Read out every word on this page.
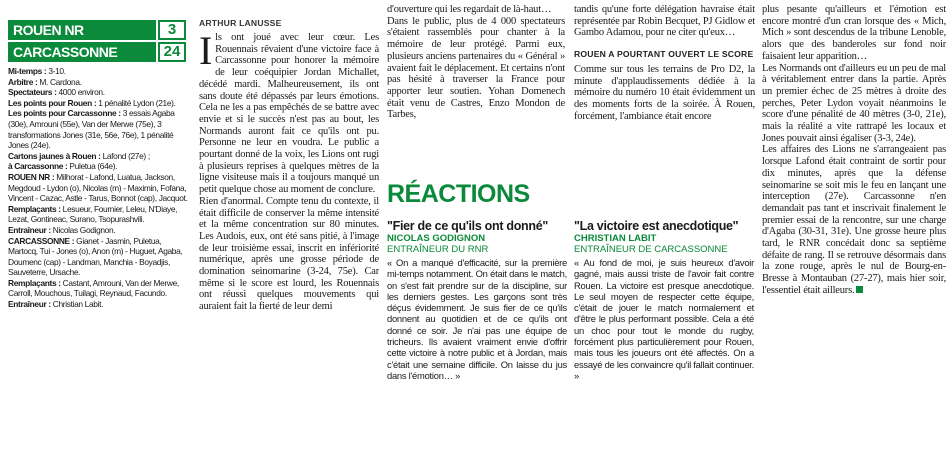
ROUEN NR	3
CARCASSONNE	24

Mi-temps : 3-10.

Arbitre : M. Cardona.

Spectateurs : 4000 environ.

Les points pour Rouen : 1 pénalité Lydon (21e).

Les points pour Carcassonne : 3 essais Agaba (30e), Amrouni (55e), Van der Merwe (75e), 3 transformations Jones (31e, 56e, 76e), 1 pénalité Jones (24e).

Cartons jaunes à Rouen : Lafond (27e) ;

à Carcassonne : Puletua (64e).

ROUEN NR : Milhorat - Lafond, Luatua, Jackson, Megdoud - Lydon (o), Nicolas (m) - Maximin, Fofana, Vincent - Cazac, Astle - Tarus, Bonnot (cap), Jacquot.

Remplaçants : Lesueur, Fournier, Leleu, N'Diaye, Lezat, Gontineac, Surano, Tsopurashvili.

Entraîneur : Nicolas Godignon.

CARCASSONNE : Gianet - Jasmin, Puletua, Martocq, Tui - Jones (o), Anon (m) - Huguet, Agaba, Doumenc (cap) - Landman, Manchia - Boyadjis, Sauveterre, Ursache.

Remplaçants : Castant, Amrouni, Van der Merwe, Carroll, Mouchous, Tuilagi, Reynaud, Facundo.

Entraîneur : Christian Labit.

ARTHUR LANUSSE

Ils ont joué avec leur cœur. Les Rouennais rêvaient d'une victoire face à Carcassonne pour honorer la mémoire de leur coéquipier Jordan Michallet, décédé mardi. Malheureusement, ils ont sans doute été dépassés par leurs émotions. Cela ne les a pas empêchés de se battre avec envie et si le succès n'est pas au bout, les Normands auront fait ce qu'ils ont pu. Personne ne leur en voudra. Le public a pourtant donné de la voix, les Lions ont rugi à plusieurs reprises à quelques mètres de la ligne visiteuse mais il a toujours manqué un petit quelque chose au moment de conclure.

Rien d'anormal. Compte tenu du contexte, il était difficile de conserver la même intensité et la même concentration sur 80 minutes. Les Audois, eux, ont été sans pitié, à l'image de leur troisième essai, inscrit en infériorité numérique, après une grosse période de domination seinomarine (3-24, 75e). Car même si le score est lourd, les Rouennais ont réussi quelques mouvements qui auraient fait la fierté de leur demi

d'ouverture qui les regardait de là-haut…

Dans le public, plus de 4 000 spectateurs s'étaient rassemblés pour chanter à la mémoire de leur protégé. Parmi eux, plusieurs anciens partenaires du « Général » avaient fait le déplacement. Et certains n'ont pas hésité à traverser la France pour apporter leur soutien. Yohan Domenech était venu de Castres, Enzo Mondon de Tarbes,

tandis qu'une forte délégation havraise était représentée par Robin Becquet, PJ Gidlow et Gambo Adamou, pour ne citer qu'eux…

ROUEN A POURTANT OUVERT LE SCORE

Comme sur tous les terrains de Pro D2, la minute d'applaudissements dédiée à la mémoire du numéro 10 était évidemment un des moments forts de la soirée. À Rouen, forcément, l'ambiance était encore

plus pesante qu'ailleurs et l'émotion est encore montré d'un cran lorsque des « Mich, Mich » sont descendus de la tribune Lenoble, alors que des banderoles sur fond noir faisaient leur apparition…

Les Normands ont d'ailleurs eu un peu de mal à véritablement entrer dans la partie. Après un premier échec de 25 mètres à droite des perches, Peter Lydon voyait néanmoins le score d'une pénalité de 40 mètres (3-0, 21e), mais la réalité a vite rattrapé les locaux et Jones pouvait ainsi égaliser (3-3, 24e).

Les affaires des Lions ne s'arrangeaient pas lorsque Lafond était contraint de sortir pour dix minutes, après que la défense seinomarine se soit mis le feu en lançant une interception (27e). Carcassonne n'en demandait pas tant et inscrivait finalement le premier essai de la rencontre, sur une charge d'Agaba (30-31, 31e). Une grosse heure plus tard, le RNR concédait donc sa septième défaite de rang. Il se retrouve désormais dans la zone rouge, après le nul de Bourg-en-Bresse à Montauban (27-27), mais hier soir, l'essentiel était ailleurs.

RÉACTIONS
"Fier de ce qu'ils ont donné"
NICOLAS GODIGNON
ENTRAÎNEUR DU RNR
« On a manqué d'efficacité, sur la première mi-temps notamment. On était dans le match, on s'est fait prendre sur de la discipline, sur les derniers gestes. Les garçons sont très déçus évidemment. Je suis fier de ce qu'ils donnent au quotidien et de ce qu'ils ont donné ce soir. Je n'ai pas une équipe de tricheurs. Ils avaient vraiment envie d'offrir cette victoire à notre public et à Jordan, mais c'était une semaine difficile. On laisse du jus dans l'émotion… »
"La victoire est anecdotique"
CHRISTIAN LABIT
ENTRAÎNEUR DE CARCASSONNE
« Au fond de moi, je suis heureux d'avoir gagné, mais aussi triste de l'avoir fait contre Rouen. La victoire est presque anecdotique. Le seul moyen de respecter cette équipe, c'était de jouer le match normalement et d'être le plus performant possible. Cela a été un choc pour tout le monde du rugby, forcément plus particulièrement pour Rouen, mais tous les joueurs ont été affectés. On a essayé de les convaincre qu'il fallait continuer. »
